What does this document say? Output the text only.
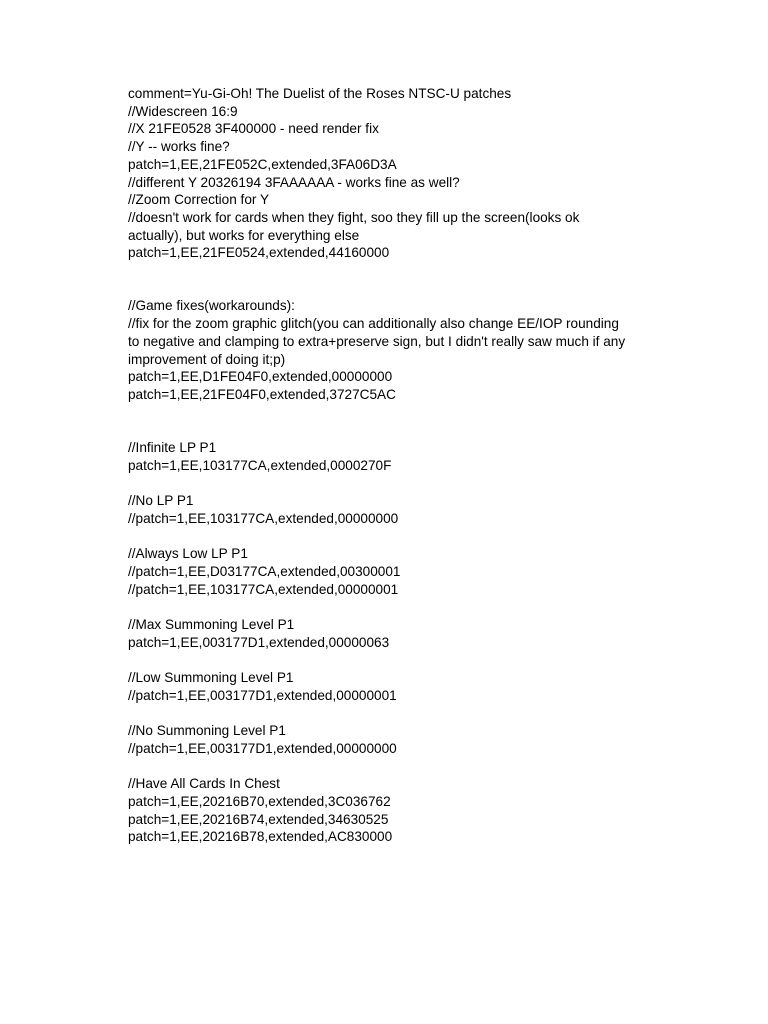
comment=Yu-Gi-Oh! The Duelist of the Roses NTSC-U patches

//Widescreen 16:9

//X 21FE0528 3F400000 - need render fix

//Y -- works fine?

patch=1,EE,21FE052C,extended,3FA06D3A

//different Y 20326194 3FAAAAAA - works fine as well?

//Zoom Correction for Y

//doesn't work for cards when they fight, soo they fill up the screen(looks ok actually), but works for everything else

patch=1,EE,21FE0524,extended,44160000

//Game fixes(workarounds):

//fix for the zoom graphic glitch(you can additionally also change EE/IOP rounding to negative and clamping to extra+preserve sign, but I didn't really saw much if any improvement of doing it;p)

patch=1,EE,D1FE04F0,extended,00000000

patch=1,EE,21FE04F0,extended,3727C5AC

//Infinite LP P1

patch=1,EE,103177CA,extended,0000270F

//No LP P1

//patch=1,EE,103177CA,extended,00000000

//Always Low LP P1

//patch=1,EE,D03177CA,extended,00300001

//patch=1,EE,103177CA,extended,00000001

//Max Summoning Level P1

patch=1,EE,003177D1,extended,00000063

//Low Summoning Level P1

//patch=1,EE,003177D1,extended,00000001

//No Summoning Level P1

//patch=1,EE,003177D1,extended,00000000

//Have All Cards In Chest

patch=1,EE,20216B70,extended,3C036762

patch=1,EE,20216B74,extended,34630525

patch=1,EE,20216B78,extended,AC830000
